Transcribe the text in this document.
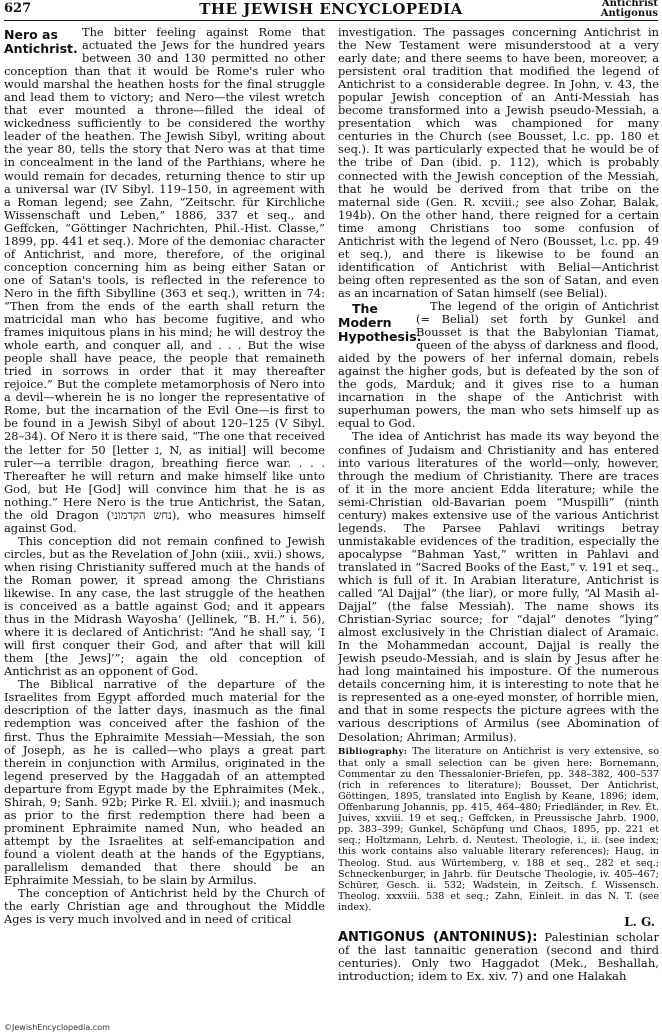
627	THE JEWISH ENCYCLOPEDIA	Antichrist
Antigonus

Nero as Antichrist.
The bitter feeling against Rome that actuated the Jews for the hundred years between 30 and 130 permitted no other conception than that it would be Rome's ruler who would marshal the heathen hosts for the final struggle and lead them to victory; and Nero—the vilest wretch that ever mounted a throne—filled the ideal of wickedness sufficiently to be considered the worthy leader of the heathen. The Jewish Sibyl, writing about the year 80, tells the story that Nero was at that time in concealment in the land of the Parthians, where he would remain for decades, returning thence to stir up a universal war (IV Sibyl. 119–150, in agreement with a Roman legend; see Zahn, “Zeitschr. für Kirchliche Wissenschaft und Leben,” 1886, 337 et seq., and Geffcken, “Göttinger Nachrichten, Phil.-Hist. Classe,” 1899, pp. 441 et seq.). More of the demoniac character of Antichrist, and more, therefore, of the original conception concerning him as being either Satan or one of Satan's tools, is reflected in the reference to Nero in the fifth Sibylline (363 et seq.), written in 74: “Then from the ends of the earth shall return the matricidal man who has become fugitive, and who frames iniquitous plans in his mind; he will destroy the whole earth, and conquer all, and . . . But the wise people shall have peace, the people that remaineth tried in sorrows in order that it may thereafter rejoice.” But the complete metamorphosis of Nero into a devil—wherein he is no longer the representative of Rome, but the incarnation of the Evil One—is first to be found in a Jewish Sibyl of about 120–125 (V Sibyl. 28–34). Of Nero it is there said, “The one that received the letter for 50 [letter נ, N, as initial] will become ruler—a terrible dragon, breathing fierce war. . . . Thereafter he will return and make himself like unto God, but He [God] will convince him that he is as nothing.” Here Nero is the true Antichrist, the Satan, the old Dragon (נחש הקדמוני), who measures himself against God.

This conception did not remain confined to Jewish circles, but as the Revelation of John (xiii., xvii.) shows, when rising Christianity suffered much at the hands of the Roman power, it spread among the Christians likewise. In any case, the last struggle of the heathen is conceived as a battle against God; and it appears thus in the Midrash Wayosha‘ (Jellinek, “B. H.” i. 56), where it is declared of Antichrist: “And he shall say, ‘I will first conquer their God, and after that will kill them [the Jews]’”; again the old conception of Antichrist as an opponent of God.

The Biblical narrative of the departure of the Israelites from Egypt afforded much material for the description of the latter days, inasmuch as the final redemption was conceived after the fashion of the first. Thus the Ephraimite Messiah—Messiah, the son of Joseph, as he is called—who plays a great part therein in conjunction with Armilus, originated in the legend preserved by the Haggadah of an attempted departure from Egypt made by the Ephraimites (Mek., Shirah, 9; Sanh. 92b; Pirke R. El. xlviii.); and inasmuch as prior to the first redemption there had been a prominent Ephraimite named Nun, who headed an attempt by the Israelites at self-emancipation and found a violent death at the hands of the Egyptians, parallelism demanded that there should be an Ephraimite Messiah, to be slain by Armilus.

The conception of Antichrist held by the Church of the early Christian age and throughout the Middle Ages is very much involved and in need of critical

investigation. The passages concerning Antichrist in the New Testament were misunderstood at a very early date; and there seems to have been, moreover, a persistent oral tradition that modified the legend of Antichrist to a considerable degree. In John, v. 43, the popular Jewish conception of an Anti-Messiah has become transformed into a Jewish pseudo-Messiah, a presentation which was championed for many centuries in the Church (see Bousset, l.c. pp. 180 et seq.). It was particularly expected that he would be of the tribe of Dan (ibid. p. 112), which is probably connected with the Jewish conception of the Messiah, that he would be derived from that tribe on the maternal side (Gen. R. xcviii.; see also Zohar, Balak, 194b). On the other hand, there reigned for a certain time among Christians too some confusion of Antichrist with the legend of Nero (Bousset, l.c. pp. 49 et seq.), and there is likewise to be found an identification of Antichrist with Belial—Antichrist being often represented as the son of Satan, and even as an incarnation of Satan himself (see Belial).

The Modern Hypothesis.
The legend of the origin of Antichrist (= Belial) set forth by Gunkel and Bousset is that the Babylonian Tiamat, queen of the abyss of darkness and flood, aided by the powers of her infernal domain, rebels against the higher gods, but is defeated by the son of the gods, Marduk; and it gives rise to a human incarnation in the shape of the Antichrist with superhuman powers, the man who sets himself up as equal to God.

The idea of Antichrist has made its way beyond the confines of Judaism and Christianity and has entered into various literatures of the world—only, however, through the medium of Christianity. There are traces of it in the more ancient Edda literature; while the semi-Christian old-Bavarian poem “Muspilli” (ninth century) makes extensive use of the various Antichrist legends. The Parsee Pahlavi writings betray unmistakable evidences of the tradition, especially the apocalypse “Bahman Yast,” written in Pahlavi and translated in “Sacred Books of the East,” v. 191 et seq., which is full of it. In Arabian literature, Antichrist is called “Al Dajjal” (the liar), or more fully, “Al Masih al-Dajjal” (the false Messiah). The name shows its Christian-Syriac source; for “dajal” denotes “lying” almost exclusively in the Christian dialect of Aramaic. In the Mohammedan account, Dajjal is really the Jewish pseudo-Messiah, and is slain by Jesus after he had long maintained his imposture. Of the numerous details concerning him, it is interesting to note that he is represented as a one-eyed monster, of horrible mien, and that in some respects the picture agrees with the various descriptions of Armilus (see Abomination of Desolation; Ahriman; Armilus).

Bibliography: The literature on Antichrist is very extensive, so that only a small selection can be given here: Bornemann, Commentar zu den Thessalonier-Briefen, pp. 348–382, 400–537 (rich in references to literature); Bousset, Der Antichrist, Göttingen, 1895, translated into English by Keane, 1896; idem, Offenbarung Johannis, pp. 415, 464–480; Friedländer, in Rev. Ét. Juives, xxviii. 19 et seq.; Geffcken, in Preussische Jahrb. 1900, pp. 383–399; Gunkel, Schöpfung und Chaos, 1895, pp. 221 et seq.; Holtzmann, Lehrb. d. Neutest. Theologie, i., ii. (see index; this work contains also valuable literary references); Haug, in Theolog. Stud. aus Würtemberg, v. 188 et seq., 282 et seq.; Schneckenburger, in Jahrb. für Deutsche Theologie, iv. 405–467; Schürer, Gesch. ii. 532; Wadstein, in Zeitsch. f. Wissensch. Theolog. xxxviii. 538 et seq.; Zahn, Einleit. in das N. T. (see index).
L. G.
ANTIGONUS (ANTONINUS): Palestinian scholar of the last tannaitic generation (second and third centuries). Only two Haggadot (Mek., Beshallah, introduction; idem to Ex. xiv. 7) and one Halakah
©JewishEncyclopedia.com
